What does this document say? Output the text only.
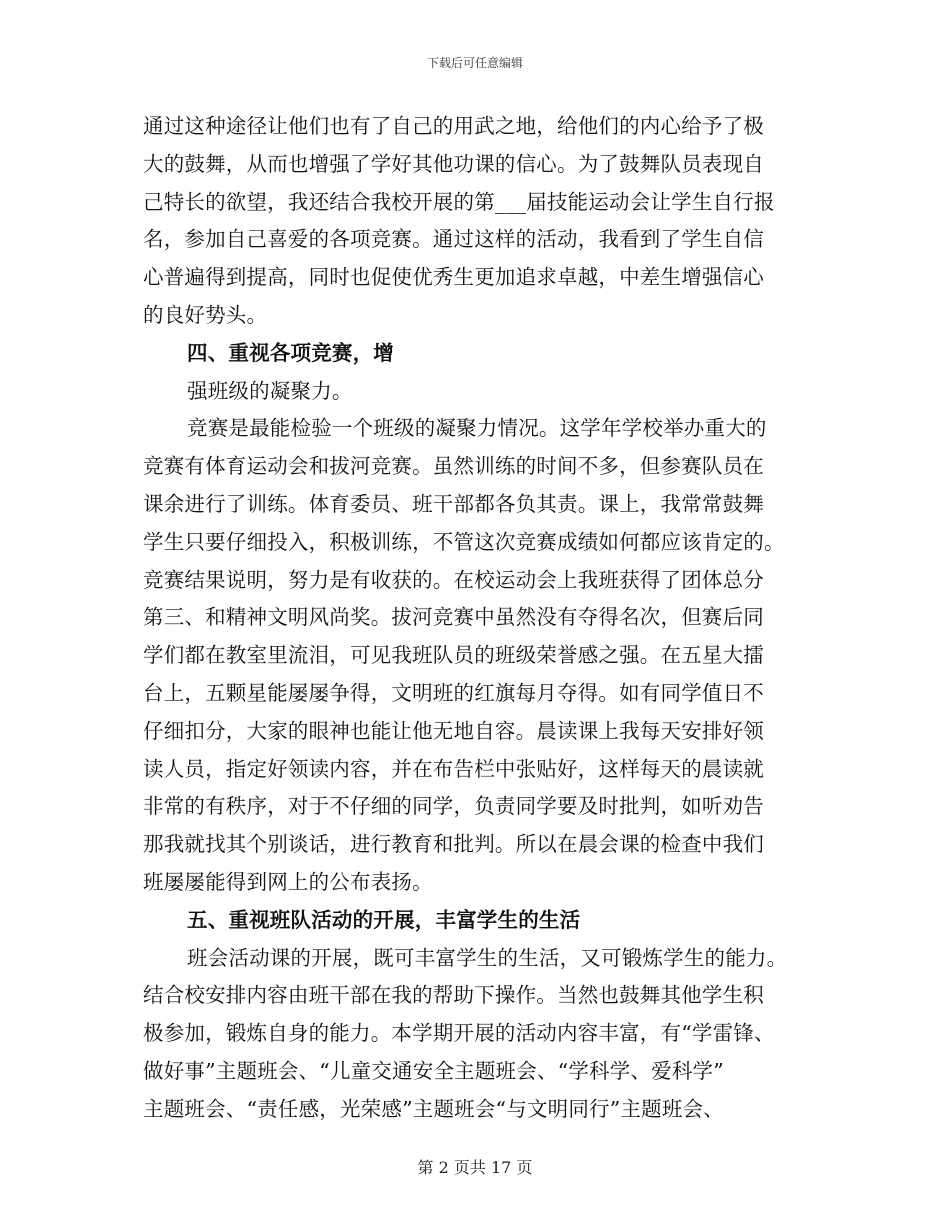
下载后可任意编辑
通过这种途径让他们也有了自己的用武之地，给他们的内心给予了极
大的鼓舞，从而也增强了学好其他功课的信心。为了鼓舞队员表现自
己特长的欲望，我还结合我校开展的第___届技能运动会让学生自行报
名，参加自己喜爱的各项竞赛。通过这样的活动，我看到了学生自信
心普遍得到提高，同时也促使优秀生更加追求卓越，中差生增强信心
的良好势头。
四、重视各项竞赛，增
强班级的凝聚力。
竞赛是最能检验一个班级的凝聚力情况。这学年学校举办重大的
竞赛有体育运动会和拔河竞赛。虽然训练的时间不多，但参赛队员在
课余进行了训练。体育委员、班干部都各负其责。课上，我常常鼓舞
学生只要仔细投入，积极训练，不管这次竞赛成绩如何都应该肯定的。
竞赛结果说明，努力是有收获的。在校运动会上我班获得了团体总分
第三、和精神文明风尚奖。拔河竞赛中虽然没有夺得名次，但赛后同
学们都在教室里流泪，可见我班队员的班级荣誉感之强。在五星大擂
台上，五颗星能屡屡争得，文明班的红旗每月夺得。如有同学值日不
仔细扣分，大家的眼神也能让他无地自容。晨读课上我每天安排好领
读人员，指定好领读内容，并在布告栏中张贴好，这样每天的晨读就
非常的有秩序，对于不仔细的同学，负责同学要及时批判，如听劝告
那我就找其个别谈话，进行教育和批判。所以在晨会课的检查中我们
班屡屡能得到网上的公布表扬。
五、重视班队活动的开展，丰富学生的生活
班会活动课的开展，既可丰富学生的生活，又可锻炼学生的能力。
结合校安排内容由班干部在我的帮助下操作。当然也鼓舞其他学生积
极参加，锻炼自身的能力。本学期开展的活动内容丰富，有“学雷锋、
做好事”主题班会、“儿童交通安全主题班会、“学科学、爱科学”
主题班会、“责任感，光荣感”主题班会“与文明同行”主题班会、
第 2 页共 17 页
